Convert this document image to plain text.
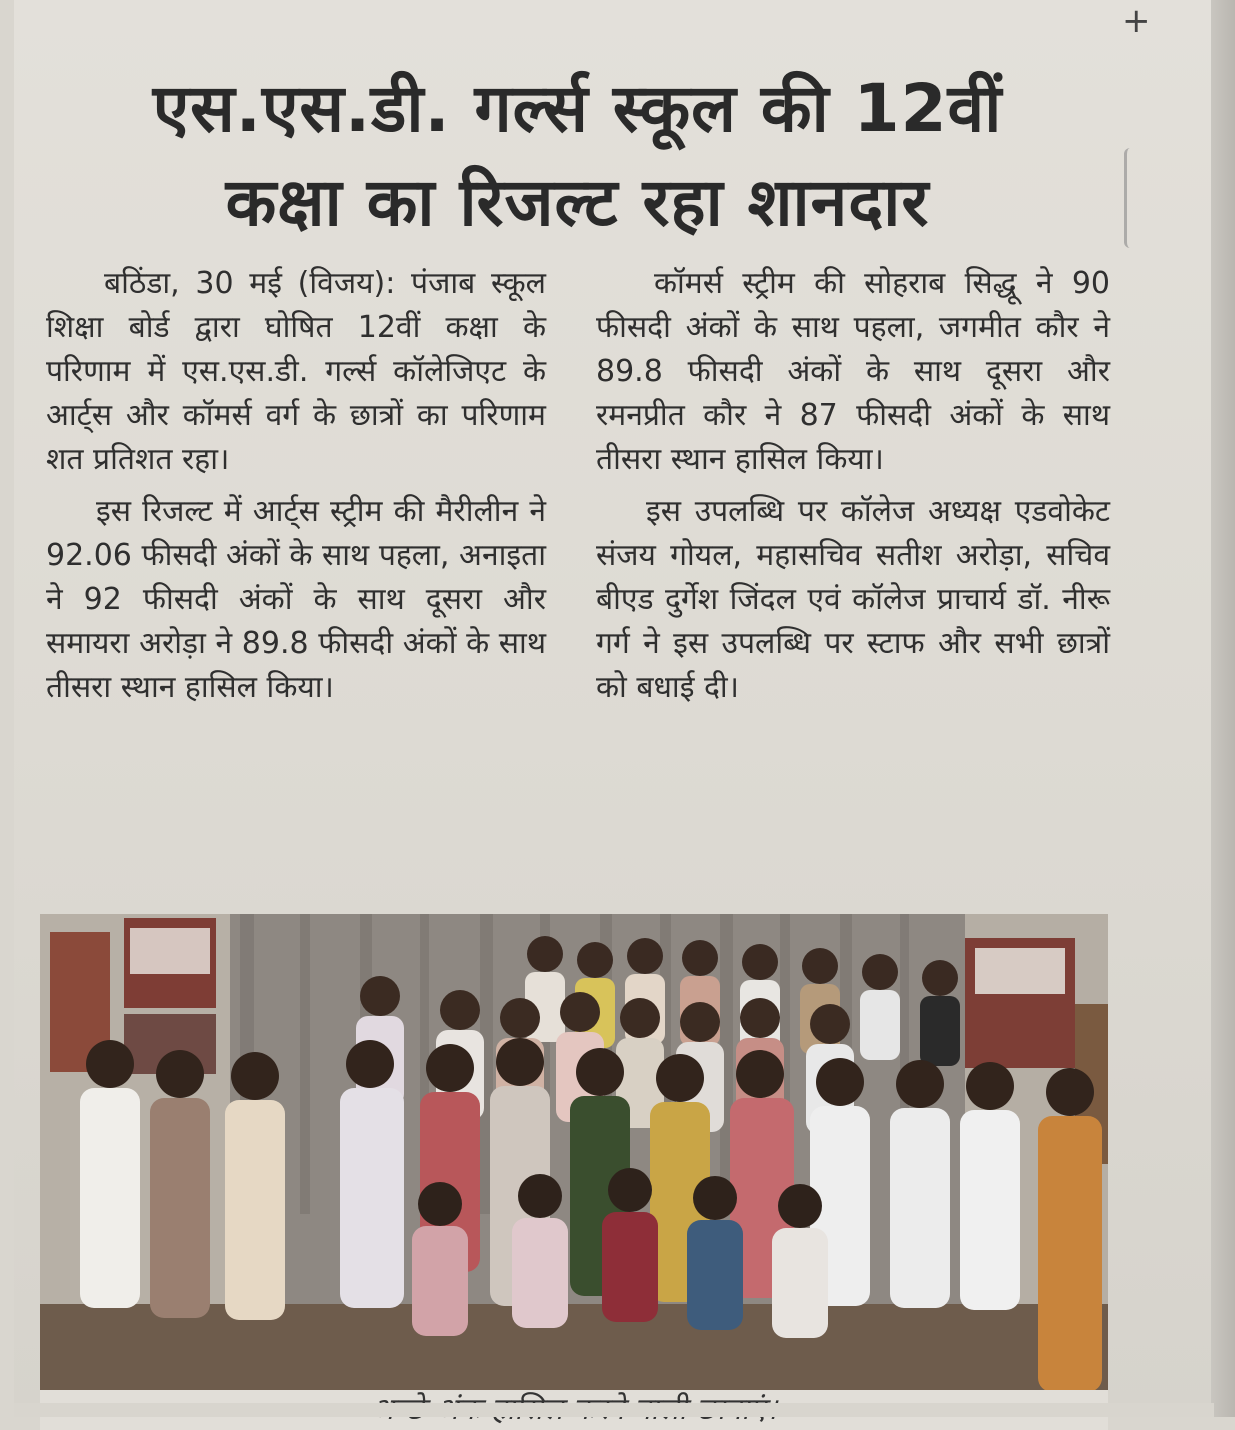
+
एस.एस.डी. गर्ल्स स्कूल की 12वीं
कक्षा का रिजल्ट रहा शानदार

बठिंडा, 30 मई (विजय): पंजाब स्कूल शिक्षा बोर्ड द्वारा घोषित 12वीं कक्षा के परिणाम में एस.एस.डी. गर्ल्स कॉलेजिएट के आर्ट्स और कॉमर्स वर्ग के छात्रों का परिणाम शत प्रतिशत रहा।

इस रिजल्ट में आर्ट्स स्ट्रीम की मैरीलीन ने 92.06 फीसदी अंकों के साथ पहला, अनाइता ने 92 फीसदी अंकों के साथ दूसरा और समायरा अरोड़ा ने 89.8 फीसदी अंकों के साथ तीसरा स्थान हासिल किया।

कॉमर्स स्ट्रीम की सोहराब सिद्धू ने 90 फीसदी अंकों के साथ पहला, जगमीत कौर ने 89.8 फीसदी अंकों के साथ दूसरा और रमनप्रीत कौर ने 87 फीसदी अंकों के साथ तीसरा स्थान हासिल किया।

इस उपलब्धि पर कॉलेज अध्यक्ष एडवोकेट संजय गोयल, महासचिव सतीश अरोड़ा, सचिव बीएड दुर्गेश जिंदल एवं कॉलेज प्राचार्य डॉ. नीरू गर्ग ने इस उपलब्धि पर स्टाफ और सभी छात्रों को बधाई दी।
